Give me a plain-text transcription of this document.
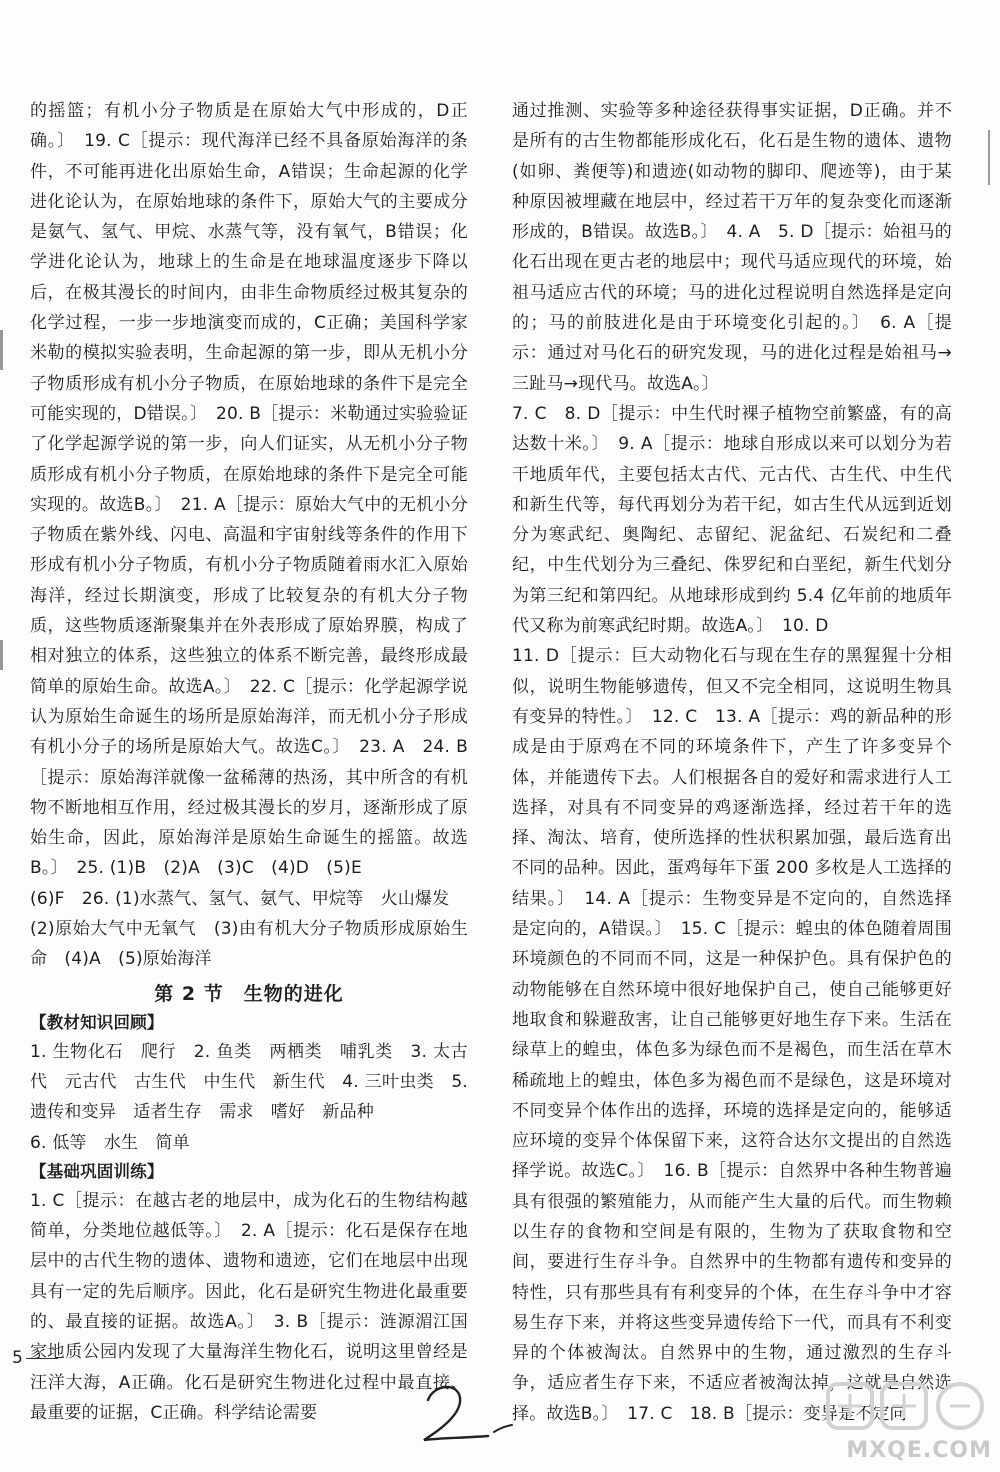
的摇篮；有机小分子物质是在原始大气中形成的，D正确。〕　19. C［提示：现代海洋已经不具备原始海洋的条件，不可能再进化出原始生命，A错误；生命起源的化学进化论认为，在原始地球的条件下，原始大气的主要成分是氨气、氢气、甲烷、水蒸气等，没有氧气，B错误；化学进化论认为，地球上的生命是在地球温度逐步下降以后，在极其漫长的时间内，由非生命物质经过极其复杂的化学过程，一步一步地演变而成的，C正确；美国科学家米勒的模拟实验表明，生命起源的第一步，即从无机小分子物质形成有机小分子物质，在原始地球的条件下是完全可能实现的，D错误。〕　20. B［提示：米勒通过实验验证了化学起源学说的第一步，向人们证实，从无机小分子物质形成有机小分子物质，在原始地球的条件下是完全可能实现的。故选B。〕　21. A［提示：原始大气中的无机小分子物质在紫外线、闪电、高温和宇宙射线等条件的作用下形成有机小分子物质，有机小分子物质随着雨水汇入原始海洋，经过长期演变，形成了比较复杂的有机大分子物质，这些物质逐渐聚集并在外表形成了原始界膜，构成了相对独立的体系，这些独立的体系不断完善，最终形成最简单的原始生命。故选A。〕　22. C［提示：化学起源学说认为原始生命诞生的场所是原始海洋，而无机小分子形成有机小分子的场所是原始大气。故选C。〕　23. A　24. B［提示：原始海洋就像一盆稀薄的热汤，其中所含的有机物不断地相互作用，经过极其漫长的岁月，逐渐形成了原始生命，因此，原始海洋是原始生命诞生的摇篮。故选B。〕　25. (1)B　(2)A　(3)C　(4)D　(5)E

(6)F　26. (1)水蒸气、氢气、氨气、甲烷等　火山爆发

(2)原始大气中无氧气　(3)由有机大分子物质形成原始生命　(4)A　(5)原始海洋

第 2 节　生物的进化
【教材知识回顾】

1. 生物化石　爬行　2. 鱼类　两栖类　哺乳类　3. 太古代　元古代　古生代　中生代　新生代　4. 三叶虫类　5. 遗传和变异　适者生存　需求　嗜好　新品种

6. 低等　水生　简单

【基础巩固训练】

1. C［提示：在越古老的地层中，成为化石的生物结构越简单，分类地位越低等。〕　2. A［提示：化石是保存在地层中的古代生物的遗体、遗物和遗迹，它们在地层中出现具有一定的先后顺序。因此，化石是研究生物进化最重要的、最直接的证据。故选A。〕　3. B［提示：涟源湄江国家地质公园内发现了大量海洋生物化石，说明这里曾经是汪洋大海，A正确。化石是研究生物进化过程中最直接、最重要的证据，C正确。科学结论需要

通过推测、实验等多种途径获得事实证据，D正确。并不是所有的古生物都能形成化石，化石是生物的遗体、遗物(如卵、粪便等)和遗迹(如动物的脚印、爬迹等)，由于某种原因被埋藏在地层中，经过若干万年的复杂变化而逐渐形成的，B错误。故选B。〕　4. A　5. D［提示：始祖马的化石出现在更古老的地层中；现代马适应现代的环境，始祖马适应古代的环境；马的进化过程说明自然选择是定向的；马的前肢进化是由于环境变化引起的。〕　6. A［提示：通过对马化石的研究发现，马的进化过程是始祖马→三趾马→现代马。故选A。〕

7. C　8. D［提示：中生代时裸子植物空前繁盛，有的高达数十米。〕　9. A［提示：地球自形成以来可以划分为若干地质年代，主要包括太古代、元古代、古生代、中生代和新生代等，每代再划分为若干纪，如古生代从远到近划分为寒武纪、奥陶纪、志留纪、泥盆纪、石炭纪和二叠纪，中生代划分为三叠纪、侏罗纪和白垩纪，新生代划分为第三纪和第四纪。从地球形成到约 5.4 亿年前的地质年代又称为前寒武纪时期。故选A。〕　10. D

11. D［提示：巨大动物化石与现在生存的黑猩猩十分相似，说明生物能够遗传，但又不完全相同，这说明生物具有变异的特性。〕　12. C　13. A［提示：鸡的新品种的形成是由于原鸡在不同的环境条件下，产生了许多变异个体，并能遗传下去。人们根据各自的爱好和需求进行人工选择，对具有不同变异的鸡逐渐选择，经过若干年的选择、淘汰、培育，使所选择的性状积累加强，最后选育出不同的品种。因此，蛋鸡每年下蛋 200 多枚是人工选择的结果。〕　14. A［提示：生物变异是不定向的，自然选择是定向的，A错误。〕　15. C［提示：蝗虫的体色随着周围环境颜色的不同而不同，这是一种保护色。具有保护色的动物能够在自然环境中很好地保护自己，使自己能够更好地取食和躲避敌害，让自己能够更好地生存下来。生活在绿草上的蝗虫，体色多为绿色而不是褐色，而生活在草木稀疏地上的蝗虫，体色多为褐色而不是绿色，这是环境对不同变异个体作出的选择，环境的选择是定向的，能够适应环境的变异个体保留下来，这符合达尔文提出的自然选择学说。故选C。〕　16. B［提示：自然界中各种生物普遍具有很强的繁殖能力，从而能产生大量的后代。而生物赖以生存的食物和空间是有限的，生物为了获取食物和空间，要进行生存斗争。自然界中的生物都有遗传和变异的特性，只有那些具有有利变异的个体，在生存斗争中才容易生存下来，并将这些变异遗传给下一代，而具有不利变异的个体被淘汰。自然界中的生物，通过激烈的生存斗争，适应者生存下来，不适应者被淘汰掉，这就是自然选择。故选B。〕　17. C　18. B［提示：变异是不定向

5
MXQE.COM
